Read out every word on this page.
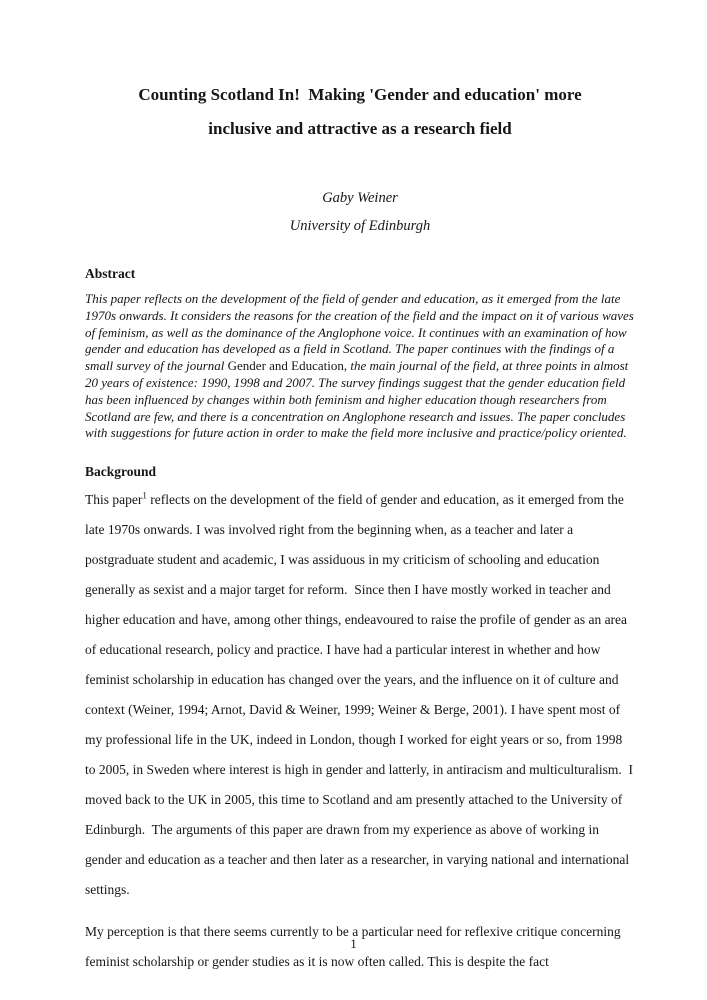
Counting Scotland In!  Making 'Gender and education' more
inclusive and attractive as a research field
Gaby Weiner
University of Edinburgh
Abstract
This paper reflects on the development of the field of gender and education, as it emerged from the late 1970s onwards. It considers the reasons for the creation of the field and the impact on it of various waves of feminism, as well as the dominance of the Anglophone voice. It continues with an examination of how gender and education has developed as a field in Scotland. The paper continues with the findings of a small survey of the journal Gender and Education, the main journal of the field, at three points in almost 20 years of existence: 1990, 1998 and 2007. The survey findings suggest that the gender education field has been influenced by changes within both feminism and higher education though researchers from Scotland are few, and there is a concentration on Anglophone research and issues. The paper concludes with suggestions for future action in order to make the field more inclusive and practice/policy oriented.
Background
This paper$^1$ reflects on the development of the field of gender and education, as it emerged from the late 1970s onwards. I was involved right from the beginning when, as a teacher and later a postgraduate student and academic, I was assiduous in my criticism of schooling and education generally as sexist and a major target for reform.  Since then I have mostly worked in teacher and higher education and have, among other things, endeavoured to raise the profile of gender as an area of educational research, policy and practice. I have had a particular interest in whether and how feminist scholarship in education has changed over the years, and the influence on it of culture and context (Weiner, 1994; Arnot, David & Weiner, 1999; Weiner & Berge, 2001). I have spent most of my professional life in the UK, indeed in London, though I worked for eight years or so, from 1998 to 2005, in Sweden where interest is high in gender and latterly, in antiracism and multiculturalism.  I moved back to the UK in 2005, this time to Scotland and am presently attached to the University of Edinburgh.  The arguments of this paper are drawn from my experience as above of working in gender and education as a teacher and then later as a researcher, in varying national and international settings.
My perception is that there seems currently to be a particular need for reflexive critique concerning feminist scholarship or gender studies as it is now often called. This is despite the fact
1
